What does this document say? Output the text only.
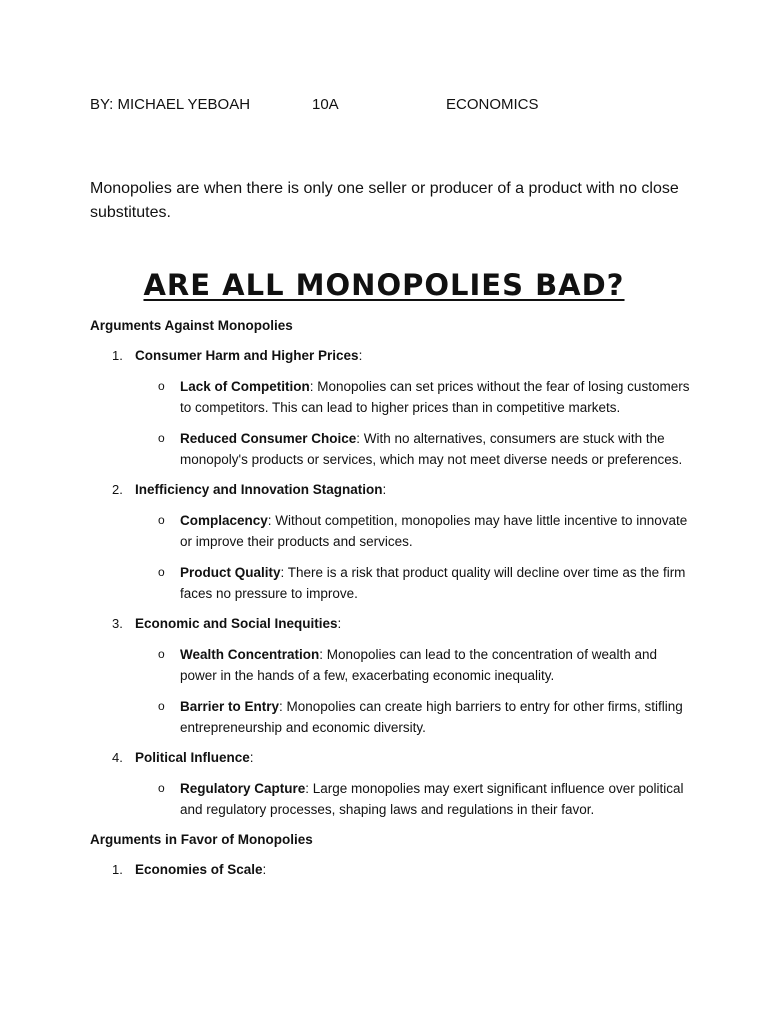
BY: MICHAEL YEBOAH	10A	ECONOMICS

Monopolies are when there is only one seller or producer of a product with no close substitutes.

ARE ALL MONOPOLIES BAD?
Arguments Against Monopolies
1. Consumer Harm and Higher Prices:
o Lack of Competition: Monopolies can set prices without the fear of losing customers to competitors. This can lead to higher prices than in competitive markets.
o Reduced Consumer Choice: With no alternatives, consumers are stuck with the monopoly's products or services, which may not meet diverse needs or preferences.
2. Inefficiency and Innovation Stagnation:
o Complacency: Without competition, monopolies may have little incentive to innovate or improve their products and services.
o Product Quality: There is a risk that product quality will decline over time as the firm faces no pressure to improve.
3. Economic and Social Inequities:
o Wealth Concentration: Monopolies can lead to the concentration of wealth and power in the hands of a few, exacerbating economic inequality.
o Barrier to Entry: Monopolies can create high barriers to entry for other firms, stifling entrepreneurship and economic diversity.
4. Political Influence:
o Regulatory Capture: Large monopolies may exert significant influence over political and regulatory processes, shaping laws and regulations in their favor.
Arguments in Favor of Monopolies
1. Economies of Scale:
